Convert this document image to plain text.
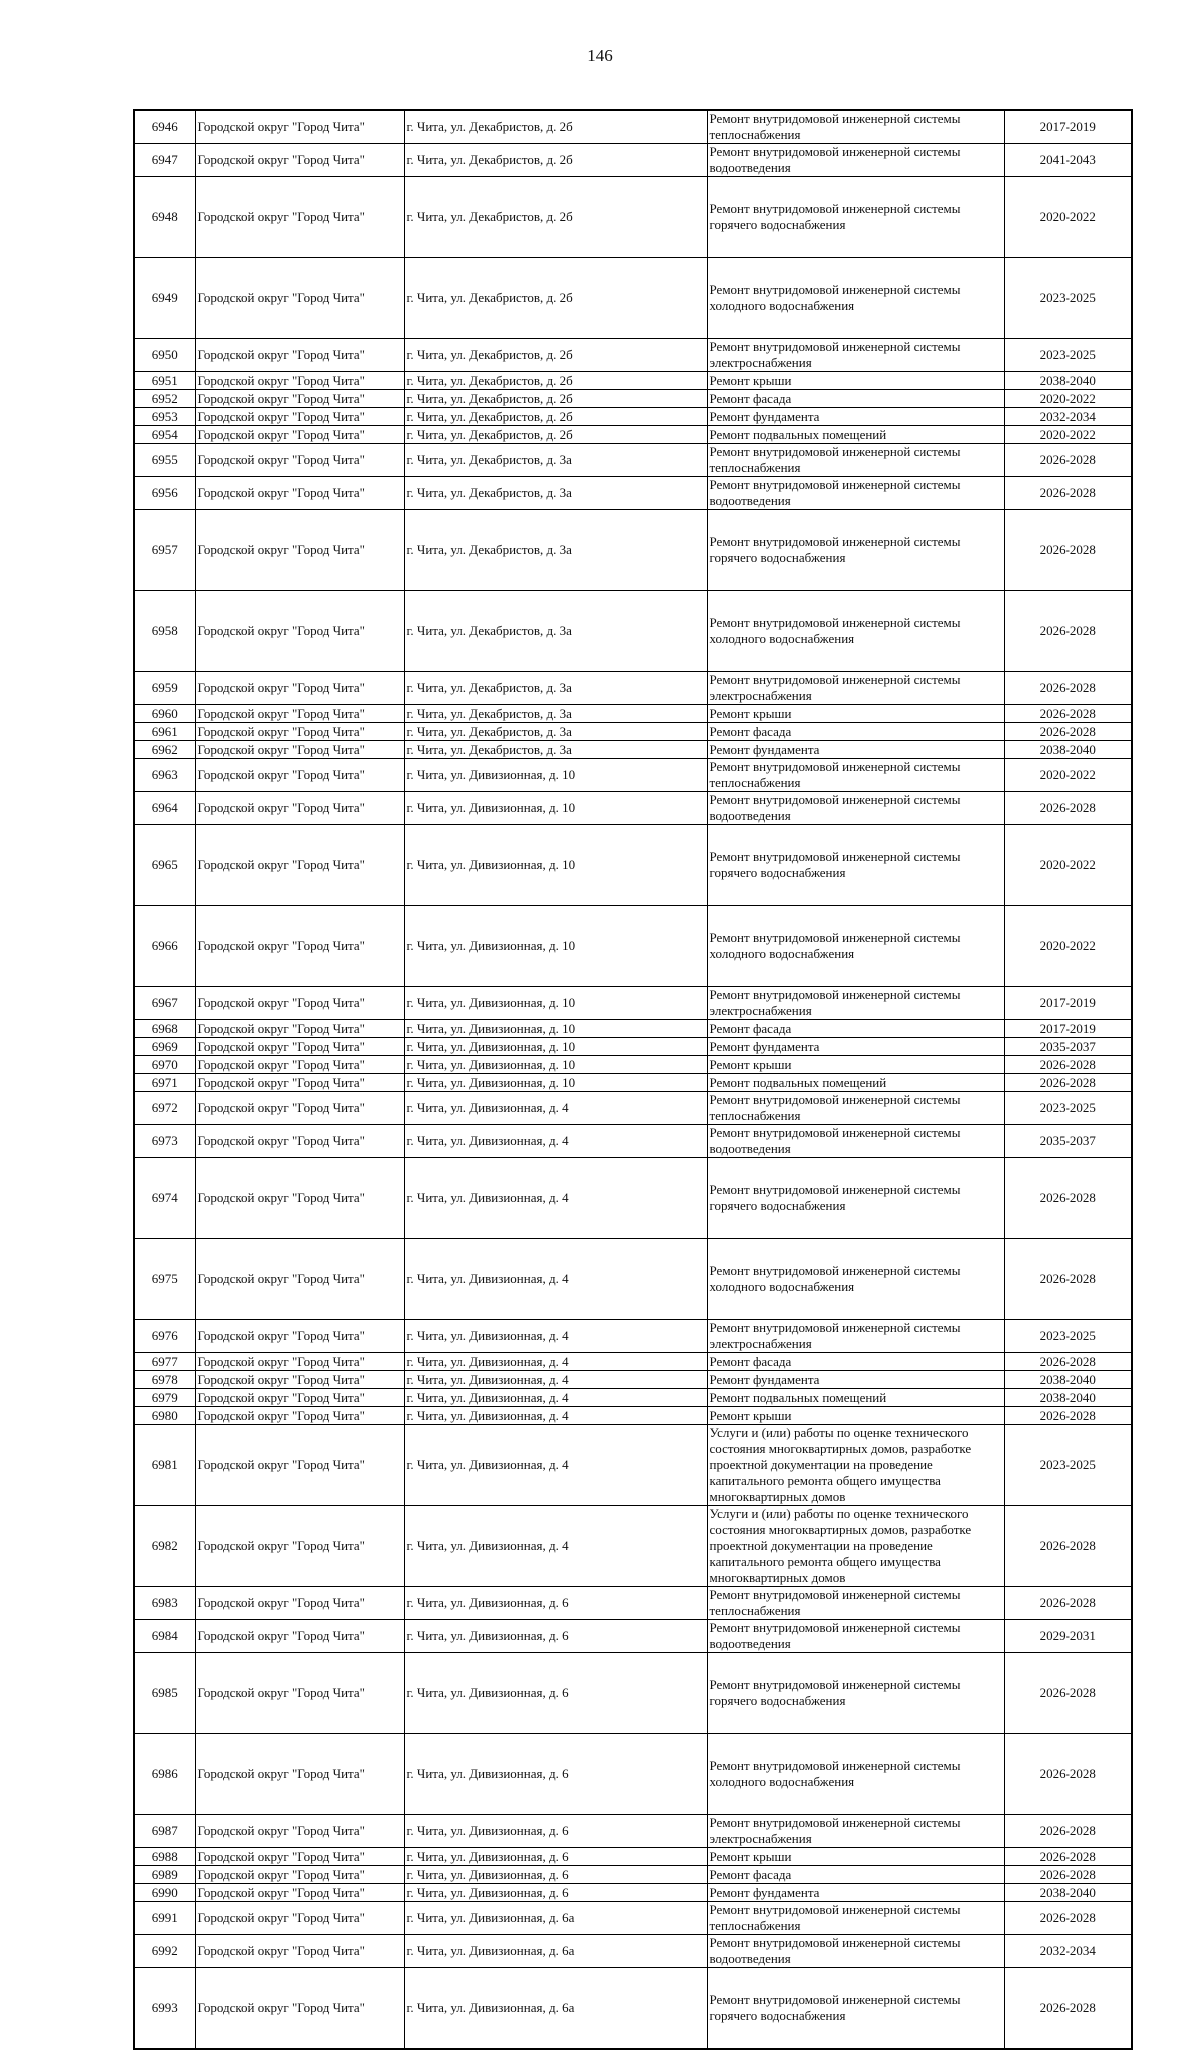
146
6946	Городской округ "Город Чита"	г. Чита, ул. Декабристов, д. 2б	Ремонт внутридомовой инженерной системы теплоснабжения	2017-2019
6947	Городской округ "Город Чита"	г. Чита, ул. Декабристов, д. 2б	Ремонт внутридомовой инженерной системы водоотведения	2041-2043
6948	Городской округ "Город Чита"	г. Чита, ул. Декабристов, д. 2б	Ремонт внутридомовой инженерной системы горячего водоснабжения	2020-2022
6949	Городской округ "Город Чита"	г. Чита, ул. Декабристов, д. 2б	Ремонт внутридомовой инженерной системы холодного водоснабжения	2023-2025
6950	Городской округ "Город Чита"	г. Чита, ул. Декабристов, д. 2б	Ремонт внутридомовой инженерной системы электроснабжения	2023-2025
6951	Городской округ "Город Чита"	г. Чита, ул. Декабристов, д. 2б	Ремонт крыши	2038-2040
6952	Городской округ "Город Чита"	г. Чита, ул. Декабристов, д. 2б	Ремонт фасада	2020-2022
6953	Городской округ "Город Чита"	г. Чита, ул. Декабристов, д. 2б	Ремонт фундамента	2032-2034
6954	Городской округ "Город Чита"	г. Чита, ул. Декабристов, д. 2б	Ремонт подвальных помещений	2020-2022
6955	Городской округ "Город Чита"	г. Чита, ул. Декабристов, д. 3а	Ремонт внутридомовой инженерной системы теплоснабжения	2026-2028
6956	Городской округ "Город Чита"	г. Чита, ул. Декабристов, д. 3а	Ремонт внутридомовой инженерной системы водоотведения	2026-2028
6957	Городской округ "Город Чита"	г. Чита, ул. Декабристов, д. 3а	Ремонт внутридомовой инженерной системы горячего водоснабжения	2026-2028
6958	Городской округ "Город Чита"	г. Чита, ул. Декабристов, д. 3а	Ремонт внутридомовой инженерной системы холодного водоснабжения	2026-2028
6959	Городской округ "Город Чита"	г. Чита, ул. Декабристов, д. 3а	Ремонт внутридомовой инженерной системы электроснабжения	2026-2028
6960	Городской округ "Город Чита"	г. Чита, ул. Декабристов, д. 3а	Ремонт крыши	2026-2028
6961	Городской округ "Город Чита"	г. Чита, ул. Декабристов, д. 3а	Ремонт фасада	2026-2028
6962	Городской округ "Город Чита"	г. Чита, ул. Декабристов, д. 3а	Ремонт фундамента	2038-2040
6963	Городской округ "Город Чита"	г. Чита, ул. Дивизионная, д. 10	Ремонт внутридомовой инженерной системы теплоснабжения	2020-2022
6964	Городской округ "Город Чита"	г. Чита, ул. Дивизионная, д. 10	Ремонт внутридомовой инженерной системы водоотведения	2026-2028
6965	Городской округ "Город Чита"	г. Чита, ул. Дивизионная, д. 10	Ремонт внутридомовой инженерной системы горячего водоснабжения	2020-2022
6966	Городской округ "Город Чита"	г. Чита, ул. Дивизионная, д. 10	Ремонт внутридомовой инженерной системы холодного водоснабжения	2020-2022
6967	Городской округ "Город Чита"	г. Чита, ул. Дивизионная, д. 10	Ремонт внутридомовой инженерной системы электроснабжения	2017-2019
6968	Городской округ "Город Чита"	г. Чита, ул. Дивизионная, д. 10	Ремонт фасада	2017-2019
6969	Городской округ "Город Чита"	г. Чита, ул. Дивизионная, д. 10	Ремонт фундамента	2035-2037
6970	Городской округ "Город Чита"	г. Чита, ул. Дивизионная, д. 10	Ремонт крыши	2026-2028
6971	Городской округ "Город Чита"	г. Чита, ул. Дивизионная, д. 10	Ремонт подвальных помещений	2026-2028
6972	Городской округ "Город Чита"	г. Чита, ул. Дивизионная, д. 4	Ремонт внутридомовой инженерной системы теплоснабжения	2023-2025
6973	Городской округ "Город Чита"	г. Чита, ул. Дивизионная, д. 4	Ремонт внутридомовой инженерной системы водоотведения	2035-2037
6974	Городской округ "Город Чита"	г. Чита, ул. Дивизионная, д. 4	Ремонт внутридомовой инженерной системы горячего водоснабжения	2026-2028
6975	Городской округ "Город Чита"	г. Чита, ул. Дивизионная, д. 4	Ремонт внутридомовой инженерной системы холодного водоснабжения	2026-2028
6976	Городской округ "Город Чита"	г. Чита, ул. Дивизионная, д. 4	Ремонт внутридомовой инженерной системы электроснабжения	2023-2025
6977	Городской округ "Город Чита"	г. Чита, ул. Дивизионная, д. 4	Ремонт фасада	2026-2028
6978	Городской округ "Город Чита"	г. Чита, ул. Дивизионная, д. 4	Ремонт фундамента	2038-2040
6979	Городской округ "Город Чита"	г. Чита, ул. Дивизионная, д. 4	Ремонт подвальных помещений	2038-2040
6980	Городской округ "Город Чита"	г. Чита, ул. Дивизионная, д. 4	Ремонт крыши	2026-2028
6981	Городской округ "Город Чита"	г. Чита, ул. Дивизионная, д. 4	Услуги и (или) работы по оценке технического состояния многоквартирных домов, разработке проектной документации на проведение капитального ремонта общего имущества многоквартирных домов	2023-2025
6982	Городской округ "Город Чита"	г. Чита, ул. Дивизионная, д. 4	Услуги и (или) работы по оценке технического состояния многоквартирных домов, разработке проектной документации на проведение капитального ремонта общего имущества многоквартирных домов	2026-2028
6983	Городской округ "Город Чита"	г. Чита, ул. Дивизионная, д. 6	Ремонт внутридомовой инженерной системы теплоснабжения	2026-2028
6984	Городской округ "Город Чита"	г. Чита, ул. Дивизионная, д. 6	Ремонт внутридомовой инженерной системы водоотведения	2029-2031
6985	Городской округ "Город Чита"	г. Чита, ул. Дивизионная, д. 6	Ремонт внутридомовой инженерной системы горячего водоснабжения	2026-2028
6986	Городской округ "Город Чита"	г. Чита, ул. Дивизионная, д. 6	Ремонт внутридомовой инженерной системы холодного водоснабжения	2026-2028
6987	Городской округ "Город Чита"	г. Чита, ул. Дивизионная, д. 6	Ремонт внутридомовой инженерной системы электроснабжения	2026-2028
6988	Городской округ "Город Чита"	г. Чита, ул. Дивизионная, д. 6	Ремонт крыши	2026-2028
6989	Городской округ "Город Чита"	г. Чита, ул. Дивизионная, д. 6	Ремонт фасада	2026-2028
6990	Городской округ "Город Чита"	г. Чита, ул. Дивизионная, д. 6	Ремонт фундамента	2038-2040
6991	Городской округ "Город Чита"	г. Чита, ул. Дивизионная, д. 6а	Ремонт внутридомовой инженерной системы теплоснабжения	2026-2028
6992	Городской округ "Город Чита"	г. Чита, ул. Дивизионная, д. 6а	Ремонт внутридомовой инженерной системы водоотведения	2032-2034
6993	Городской округ "Город Чита"	г. Чита, ул. Дивизионная, д. 6а	Ремонт внутридомовой инженерной системы горячего водоснабжения	2026-2028
